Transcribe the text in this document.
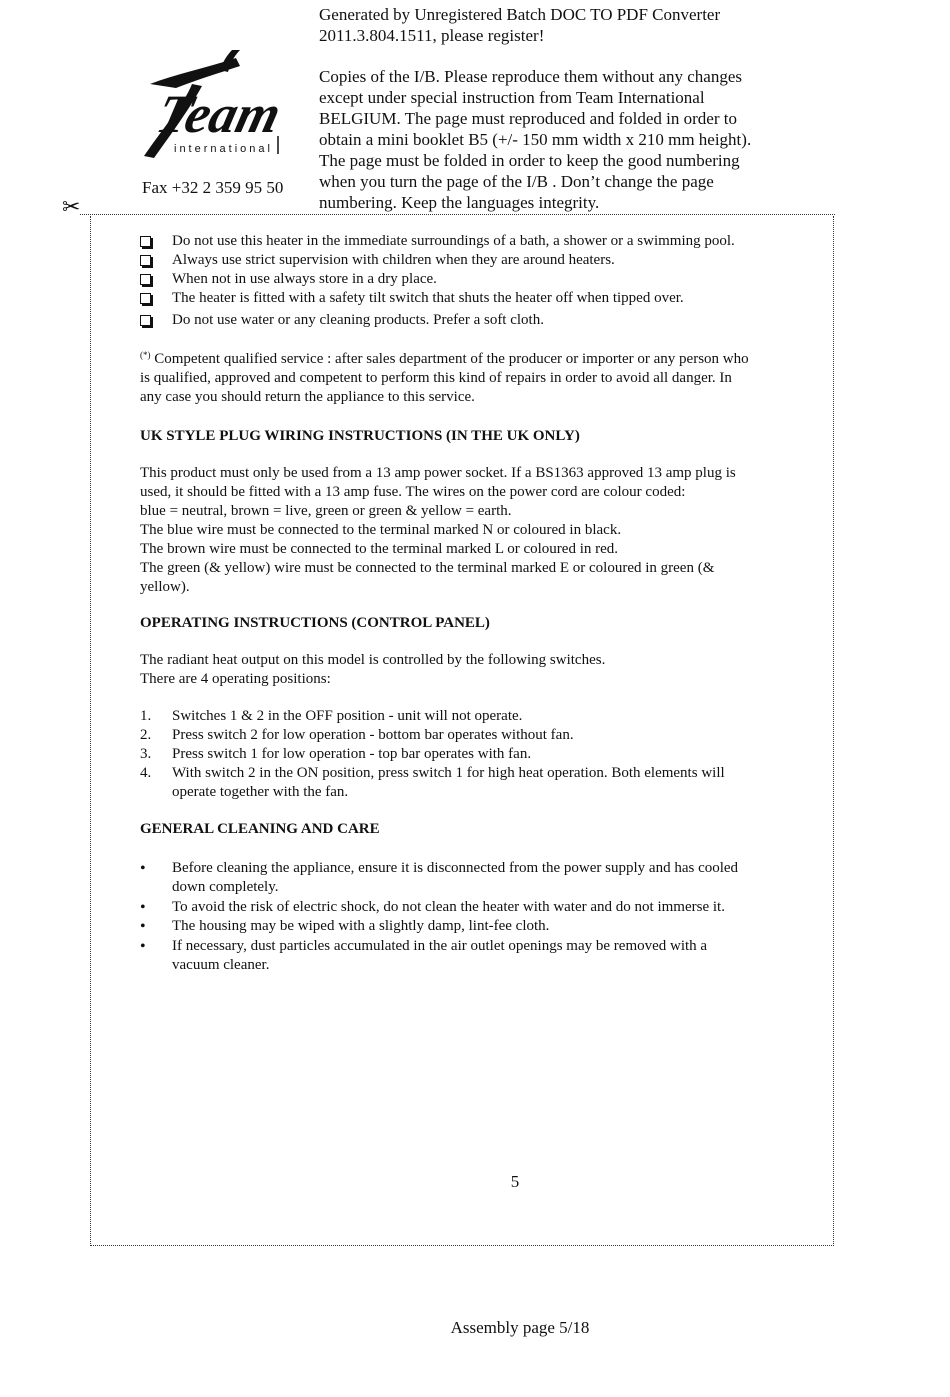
Generated by Unregistered Batch DOC TO PDF Converter

2011.3.804.1511, please register!

Copies of the I/B. Please reproduce them without any changes

except under special instruction from Team International

BELGIUM. The page must reproduced and folded in order to

obtain a mini booklet B5 (+/- 150 mm width x 210 mm height).

The page must be folded in order to keep the good numbering

when you turn the page of the I/B . Don’t change the page

numbering. Keep the languages integrity.

Team
international
Fax +32 2 359 95 50
✂
Do not use this heater in the immediate surroundings of a bath, a shower or a swimming pool.
Always use strict supervision with children when they are around heaters.
When not in use always store in a dry place.
The heater is fitted with a safety tilt switch that shuts the heater off when tipped over.
Do not use water or any cleaning products. Prefer a soft cloth.
(*) Competent qualified service : after sales department of the producer or importer or any person who
is qualified, approved and competent to perform this kind of repairs in order to avoid all danger. In
any case you should return the appliance to this service.
UK STYLE PLUG WIRING INSTRUCTIONS (IN THE UK ONLY)
This product must only be used from a 13 amp power socket. If a BS1363 approved 13 amp plug is
used, it should be fitted with a 13 amp fuse. The wires on the power cord are colour coded:
blue = neutral, brown = live, green or green & yellow = earth.
The blue wire must be connected to the terminal marked N or coloured in black.
The brown wire must be connected to the terminal marked L or coloured in red.
The green (& yellow) wire must be connected to the terminal marked E or coloured in green (&
yellow).
OPERATING INSTRUCTIONS (CONTROL PANEL)
The radiant heat output on this model is controlled by the following switches.
There are 4 operating positions:
1.	Switches 1 & 2 in the OFF position - unit will not operate.
2.	Press switch 2 for low operation - bottom bar operates without fan.
3.	Press switch 1 for low operation - top bar operates with fan.
4.	With switch 2 in the ON position, press switch 1 for high heat operation. Both elements will
operate together with the fan.
GENERAL CLEANING AND CARE
•	Before cleaning the appliance, ensure it is disconnected from the power supply and has cooled
down completely.
•	To avoid the risk of electric shock, do not clean the heater with water and do not immerse it.
•	The housing may be wiped with a slightly damp, lint-fee cloth.
•	If necessary, dust particles accumulated in the air outlet openings may be removed with a
vacuum cleaner.
5
Assembly page 5/18
